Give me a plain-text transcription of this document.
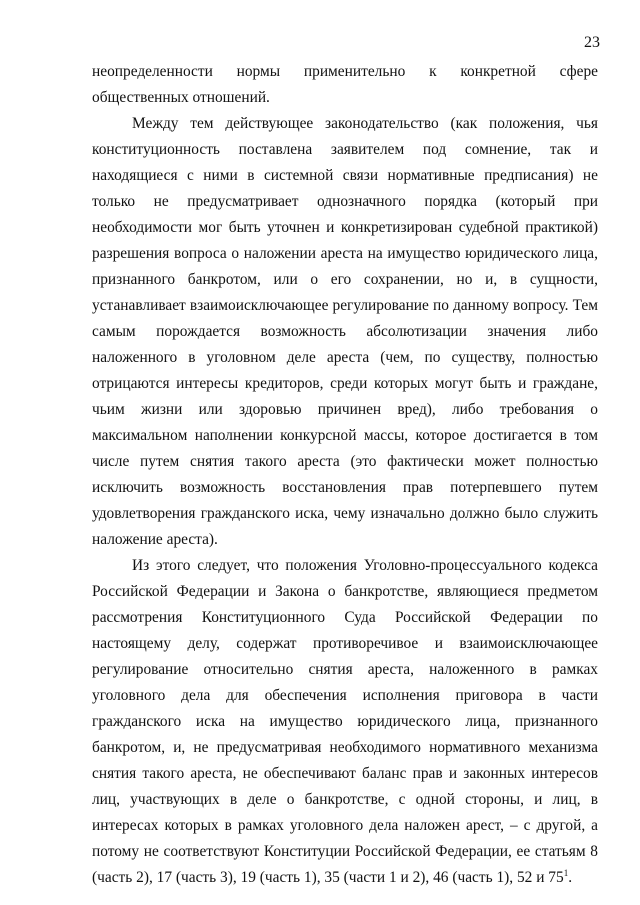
23

неопределенности нормы применительно к конкретной сфере общественных отношений.

Между тем действующее законодательство (как положения, чья конституционность поставлена заявителем под сомнение, так и находящиеся с ними в системной связи нормативные предписания) не только не предусматривает однозначного порядка (который при необходимости мог быть уточнен и конкретизирован судебной практикой) разрешения вопроса о наложении ареста на имущество юридического лица, признанного банкротом, или о его сохранении, но и, в сущности, устанавливает взаимоисключающее регулирование по данному вопросу. Тем самым порождается возможность абсолютизации значения либо наложенного в уголовном деле ареста (чем, по существу, полностью отрицаются интересы кредиторов, среди которых могут быть и граждане, чьим жизни или здоровью причинен вред), либо требования о максимальном наполнении конкурсной массы, которое достигается в том числе путем снятия такого ареста (это фактически может полностью исключить возможность восстановления прав потерпевшего путем удовлетворения гражданского иска, чему изначально должно было служить наложение ареста).

Из этого следует, что положения Уголовно-процессуального кодекса Российской Федерации и Закона о банкротстве, являющиеся предметом рассмотрения Конституционного Суда Российской Федерации по настоящему делу, содержат противоречивое и взаимоисключающее регулирование относительно снятия ареста, наложенного в рамках уголовного дела для обеспечения исполнения приговора в части гражданского иска на имущество юридического лица, признанного банкротом, и, не предусматривая необходимого нормативного механизма снятия такого ареста, не обеспечивают баланс прав и законных интересов лиц, участвующих в деле о банкротстве, с одной стороны, и лиц, в интересах которых в рамках уголовного дела наложен арест, – с другой, а потому не соответствуют Конституции Российской Федерации, ее статьям 8 (часть 2), 17 (часть 3), 19 (часть 1), 35 (части 1 и 2), 46 (часть 1), 52 и $75^1$.
